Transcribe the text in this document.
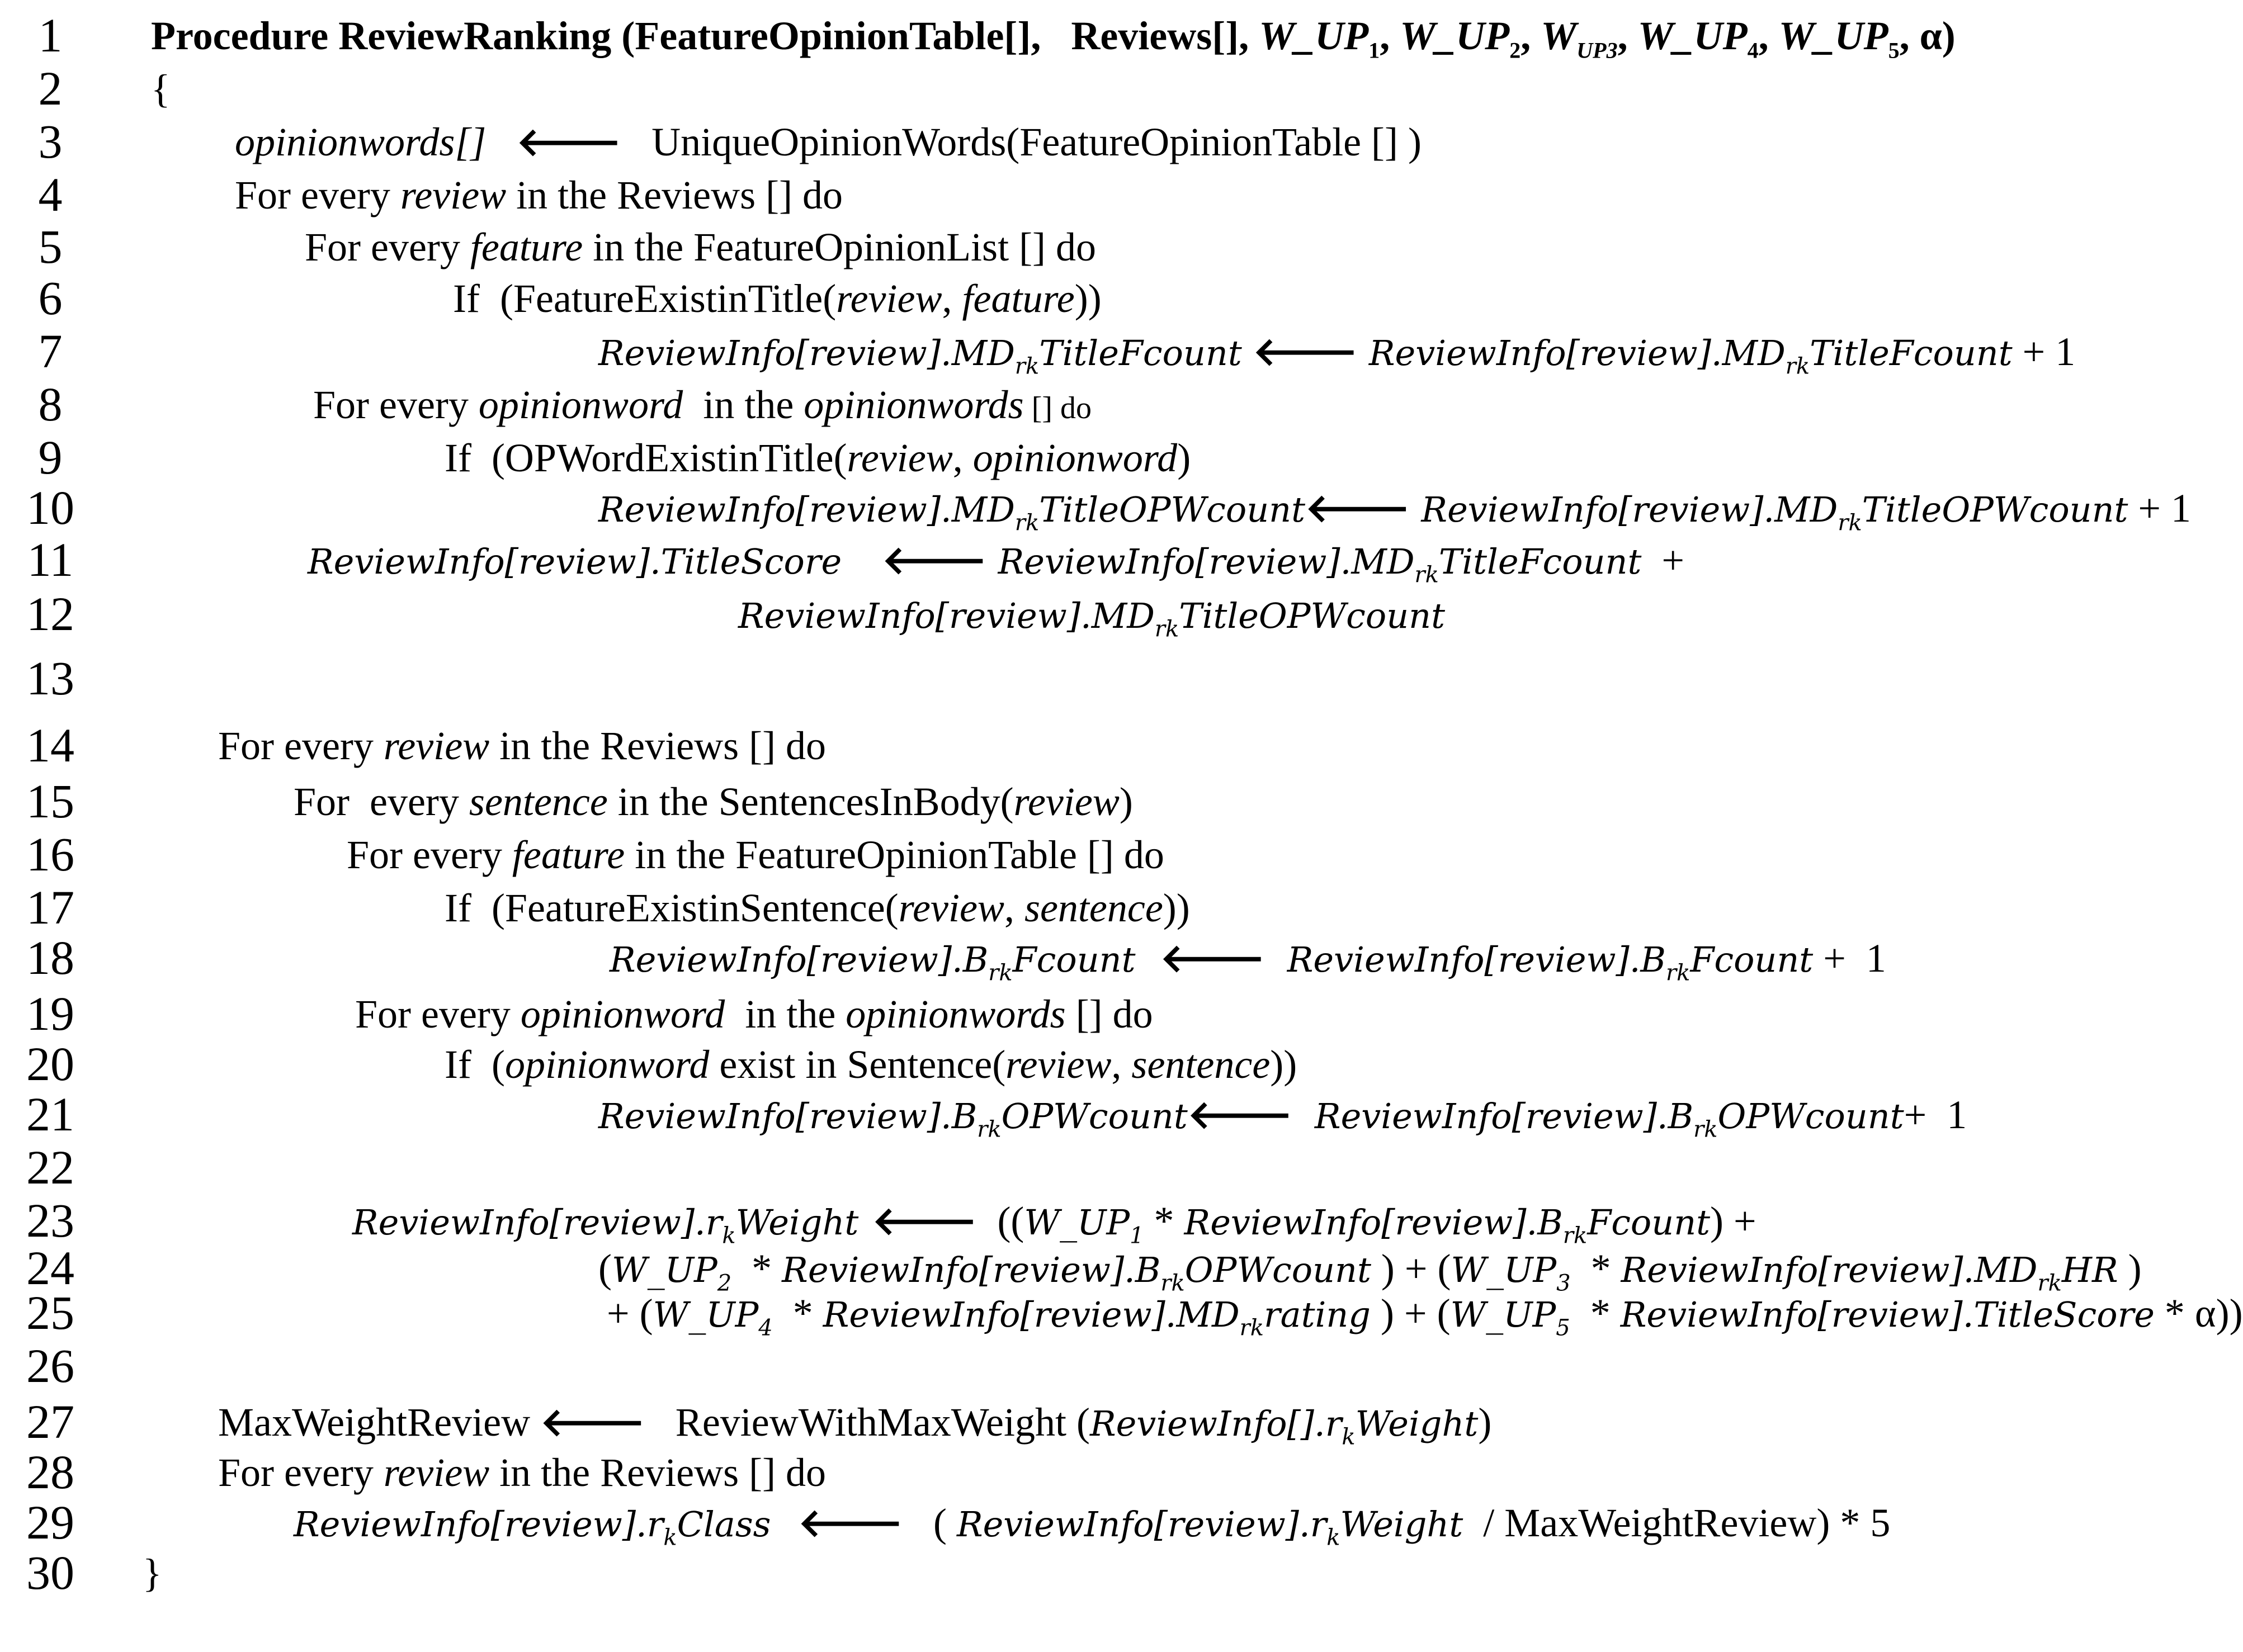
1
2
3
4
5
6
7
8
9
10
11
12
13
14
15
16
17
18
19
20
21
22
23
24
25
26
27
28
29
30
Procedure ReviewRanking (FeatureOpinionTable[],   Reviews[], $W\_UP_1$, $W\_UP_2$, $W_{UP3}$, $W\_UP_4$, $W\_UP_5$, α)
{
opinionwords[] 🡐   UniqueOpinionWords(FeatureOpinionTable [] )
For every review in the Reviews [] do
For every feature in the FeatureOpinionList [] do
If  (FeatureExistinTitle(review, feature))
$ReviewInfo[review].MD_{rk}TitleFcount$ 🡐 $ReviewInfo[review].MD_{rk}TitleFcount + 1$
For every opinionword  in the opinionwords [] do
If  (OPWordExistinTitle(review, opinionword)
$ReviewInfo[review].MD_{rk}TitleOPWcount🡐$ $ReviewInfo[review].MD_{rk}TitleOPWcount + 1$
ReviewInfo[review].TitleScore 🡐 $ReviewInfo[review].MD_{rk}TitleFcount$  +
$ReviewInfo[review].MD_{rk}TitleOPWcount$
For every review in the Reviews [] do
For  every sentence in the SentencesInBody(review)
For every feature in the FeatureOpinionTable [] do
If  (FeatureExistinSentence(review, sentence))
$ReviewInfo[review].B_{rk}Fcount$  🡐  $ReviewInfo[review].B_{rk}Fcount + 1$
For every opinionword  in the opinionwords [] do
If  (opinionword exist in Sentence(review, sentence))
$ReviewInfo[review].B_{rk}OPWcount🡐$  $ReviewInfo[review].B_{rk}OPWcount+ 1$
$ReviewInfo[review].r_kWeight$ 🡐  (($W\_UP_1$ * $ReviewInfo[review].B_{rk}Fcount$) +
($W\_UP_2$  * $ReviewInfo[review].B_{rk}OPWcount$ ) + ($W\_UP_3$  * $ReviewInfo[review].MD_{rk}HR$ )
+ ($W\_UP_4$  * $ReviewInfo[review].MD_{rk}rating$ ) + ($W\_UP_5$  * ReviewInfo[review].TitleScore * α))
MaxWeightReview 🡐   ReviewWithMaxWeight $(ReviewInfo[].r_kWeight)$
For every review in the Reviews [] do
$ReviewInfo[review].r_kClass$  🡐   ( $ReviewInfo[review].r_kWeight$  / MaxWeightReview) * 5
}
